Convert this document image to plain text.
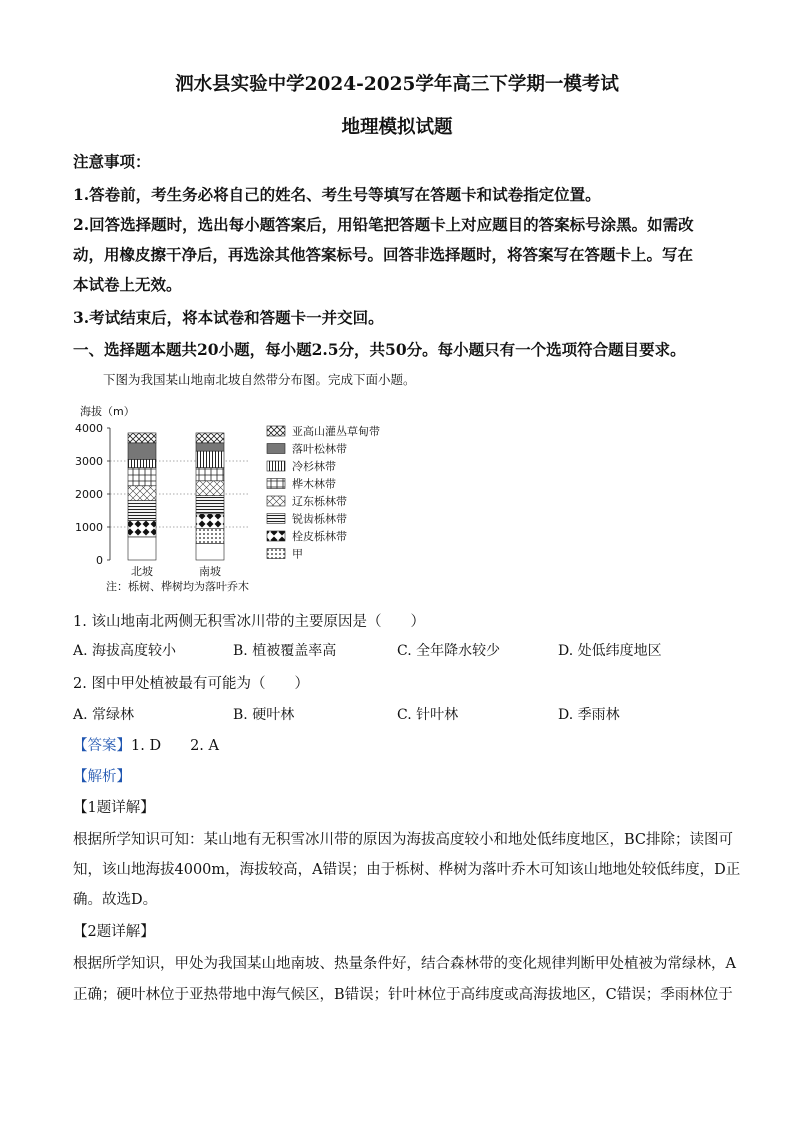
泗水县实验中学2024-2025学年高三下学期一模考试
地理模拟试题
注意事项：
1.答卷前，考生务必将自己的姓名、考生号等填写在答题卡和试卷指定位置。
2.回答选择题时，选出每小题答案后，用铅笔把答题卡上对应题目的答案标号涂黑。如需改
动，用橡皮擦干净后，再选涂其他答案标号。回答非选择题时，将答案写在答题卡上。写在
本试卷上无效。
3.考试结束后，将本试卷和答题卡一并交回。
一、选择题本题共20小题，每小题2.5分，共50分。每小题只有一个选项符合题目要求。
下图为我国某山地南北坡自然带分布图。完成下面小题。
海拔（m）
0
1000
2000
3000
4000
北坡	南坡
亚高山灌丛草甸带
落叶松林带
冷杉林带
桦木林带
辽东栎林带
锐齿栎林带
栓皮栎林带
甲
注：栎树、桦树均为落叶乔木
1. 该山地南北两侧无积雪冰川带的主要原因是（　　）
A. 海拔高度较小	B. 植被覆盖率高	C. 全年降水较少	D. 处低纬度地区
2. 图中甲处植被最有可能为（　　）
A. 常绿林	B. 硬叶林	C. 针叶林	D. 季雨林
【答案】1. D　　2. A
【解析】
【1题详解】
根据所学知识可知：某山地有无积雪冰川带的原因为海拔高度较小和地处低纬度地区，BC排除；读图可
知，该山地海拔4000m，海拔较高，A错误；由于栎树、桦树为落叶乔木可知该山地地处较低纬度，D正
确。故选D。
【2题详解】
根据所学知识，甲处为我国某山地南坡、热量条件好，结合森林带的变化规律判断甲处植被为常绿林，A
正确；硬叶林位于亚热带地中海气候区，B错误；针叶林位于高纬度或高海拔地区，C错误；季雨林位于
